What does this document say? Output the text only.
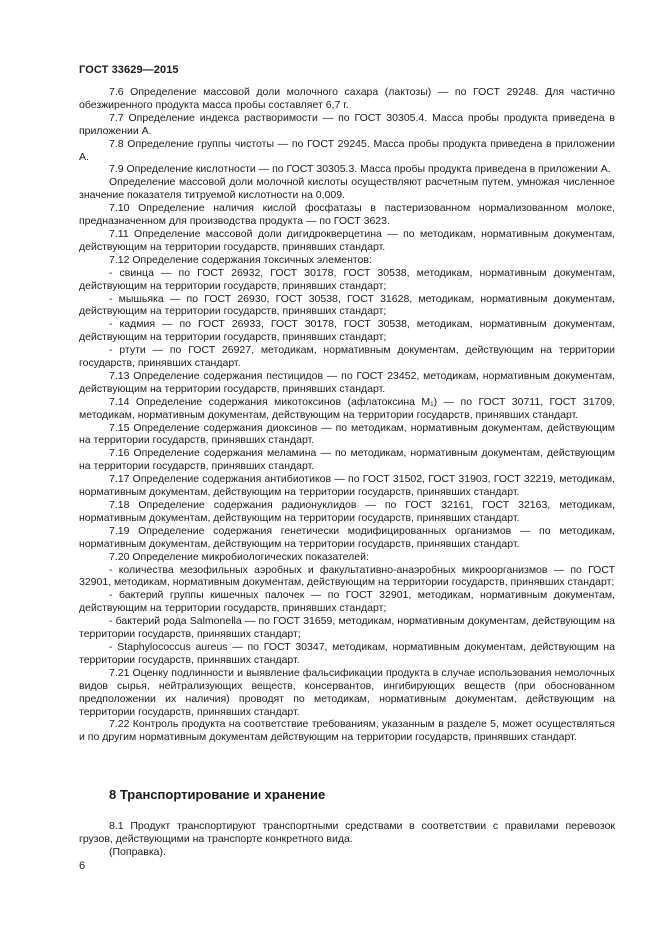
ГОСТ 33629—2015

7.6 Определение массовой доли молочного сахара (лактозы) — по ГОСТ 29248. Для частично обезжиренного продукта масса пробы составляет 6,7 г.

7.7 Определение индекса растворимости — по ГОСТ 30305.4. Масса пробы продукта приведена в приложении А.

7.8 Определение группы чистоты — по ГОСТ 29245. Масса пробы продукта приведена в приложении А.

7.9 Определение кислотности — по ГОСТ 30305.3. Масса пробы продукта приведена в приложении А.

Определение массовой доли молочной кислоты осуществляют расчетным путем, умножая численное значение показателя титруемой кислотности на 0,009.

7.10 Определение наличия кислой фосфатазы в пастеризованном нормализованном молоке, предназначенном для производства продукта — по ГОСТ 3623.

7.11 Определение массовой доли дигидрокверцетина — по методикам, нормативным документам, действующим на территории государств, принявших стандарт.

7.12 Определение содержания токсичных элементов:

- свинца — по ГОСТ 26932, ГОСТ 30178, ГОСТ 30538, методикам, нормативным документам, действующим на территории государств, принявших стандарт;

- мышьяка — по ГОСТ 26930, ГОСТ 30538, ГОСТ 31628, методикам, нормативным документам, действующим на территории государств, принявших стандарт;

- кадмия — по ГОСТ 26933, ГОСТ 30178, ГОСТ 30538, методикам, нормативным документам, действующим на территории государств, принявших стандарт;

- ртути — по ГОСТ 26927, методикам, нормативным документам, действующим на территории государств, принявших стандарт.

7.13 Определение содержания пестицидов — по ГОСТ 23452, методикам, нормативным документам, действующим на территории государств, принявших стандарт.

7.14 Определение содержания микотоксинов (афлатоксина M₁) — по ГОСТ 30711, ГОСТ 31709, методикам, нормативным документам, действующим на территории государств, принявших стандарт.

7.15 Определение содержания диоксинов — по методикам, нормативным документам, действующим на территории государств, принявших стандарт.

7.16 Определение содержания меламина — по методикам, нормативным документам, действующим на территории государств, принявших стандарт.

7.17 Определение содержания антибиотиков — по ГОСТ 31502, ГОСТ 31903, ГОСТ 32219, методикам, нормативным документам, действующим на территории государств, принявших стандарт.

7.18 Определение содержания радионуклидов — по ГОСТ 32161, ГОСТ 32163, методикам, нормативным документам, действующим на территории государств, принявших стандарт.

7.19 Определение содержания генетически модифицированных организмов — по методикам, нормативным документам, действующим на территории государств, принявших стандарт.

7.20 Определение микробиологических показателей:

- количества мезофильных аэробных и факультативно-анаэробных микроорганизмов — по ГОСТ 32901, методикам, нормативным документам, действующим на территории государств, принявших стандарт;

- бактерий группы кишечных палочек — по ГОСТ 32901, методикам, нормативным документам, действующим на территории государств, принявших стандарт;

- бактерий рода Salmonella — по ГОСТ 31659, методикам, нормативным документам, действующим на территории государств, принявших стандарт;

- Staphylococcus aureus — по ГОСТ 30347, методикам, нормативным документам, действующим на территории государств, принявших стандарт.

7.21 Оценку подлинности и выявление фальсификации продукта в случае использования немолочных видов сырья, нейтрализующих веществ, консервантов, ингибирующих веществ (при обоснованном предположении их наличия) проводят по методикам, нормативным документам, действующим на территории государств, принявших стандарт.

7.22 Контроль продукта на соответствие требованиям, указанным в разделе 5, может осуществляться и по другим нормативным документам действующим на территории государств, принявших стандарт.

8 Транспортирование и хранение

8.1 Продукт транспортируют транспортными средствами в соответствии с правилами перевозок грузов, действующими на транспорте конкретного вида.

(Поправка).

6
